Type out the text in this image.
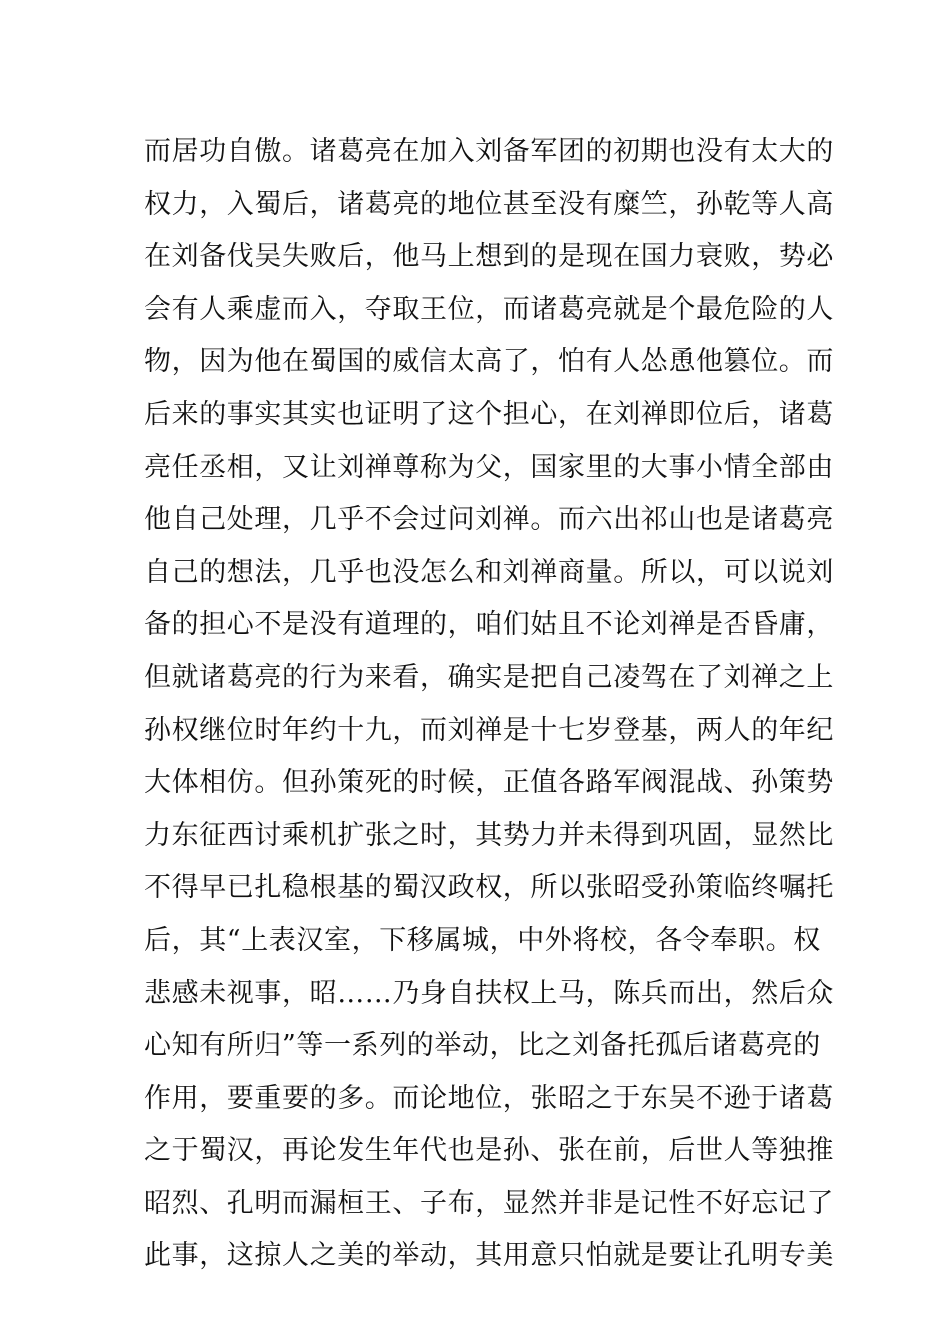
而居功自傲。诸葛亮在加入刘备军团的初期也没有太大的
权力，入蜀后，诸葛亮的地位甚至没有糜竺，孙乾等人高
在刘备伐吴失败后，他马上想到的是现在国力衰败，势必
会有人乘虚而入，夺取王位，而诸葛亮就是个最危险的人
物，因为他在蜀国的威信太高了，怕有人怂恿他篡位。而
后来的事实其实也证明了这个担心，在刘禅即位后，诸葛
亮任丞相，又让刘禅尊称为父，国家里的大事小情全部由
他自己处理，几乎不会过问刘禅。而六出祁山也是诸葛亮
自己的想法，几乎也没怎么和刘禅商量。所以，可以说刘
备的担心不是没有道理的，咱们姑且不论刘禅是否昏庸，
但就诸葛亮的行为来看，确实是把自己凌驾在了刘禅之上
孙权继位时年约十九，而刘禅是十七岁登基，两人的年纪
大体相仿。但孙策死的时候，正值各路军阀混战、孙策势
力东征西讨乘机扩张之时，其势力并未得到巩固，显然比
不得早已扎稳根基的蜀汉政权，所以张昭受孙策临终嘱托
后，其“上表汉室，下移属城，中外将校，各令奉职。权
悲感未视事，昭……乃身自扶权上马，陈兵而出，然后众
心知有所归”等一系列的举动，比之刘备托孤后诸葛亮的
作用，要重要的多。而论地位，张昭之于东吴不逊于诸葛
之于蜀汉，再论发生年代也是孙、张在前，后世人等独推
昭烈、孔明而漏桓王、子布，显然并非是记性不好忘记了
此事，这掠人之美的举动，其用意只怕就是要让孔明专美
